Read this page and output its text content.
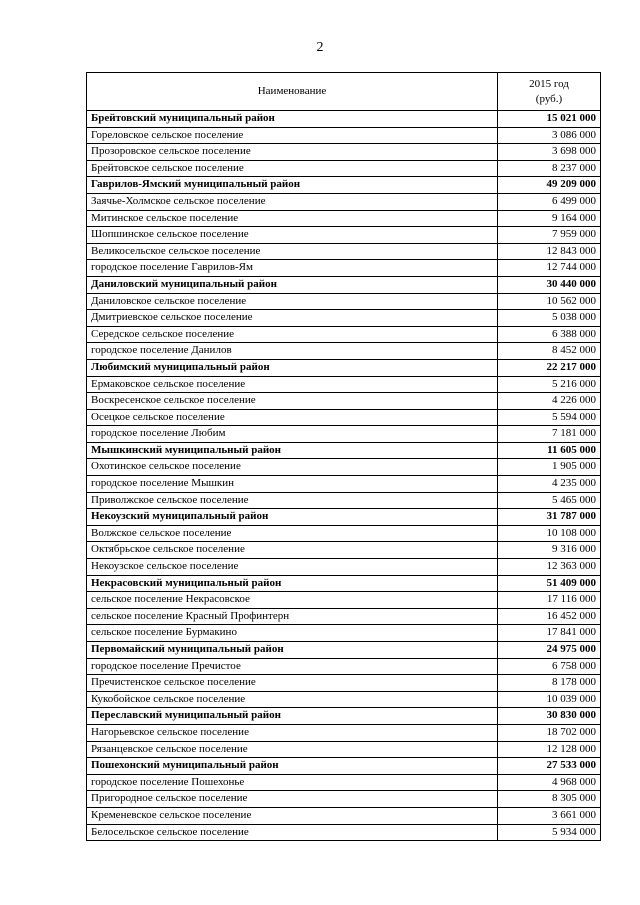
2
Наименование	2015 год
(руб.)
Брейтовский муниципальный район	15 021 000
Гореловское сельское поселение	3 086 000
Прозоровское сельское поселение	3 698 000
Брейтовское сельское поселение	8 237 000
Гаврилов-Ямский муниципальный район	49 209 000
Заячье-Холмское сельское поселение	6 499 000
Митинское сельское поселение	9 164 000
Шопшинское сельское поселение	7 959 000
Великосельское сельское поселение	12 843 000
городское поселение Гаврилов-Ям	12 744 000
Даниловский муниципальный район	30 440 000
Даниловское сельское поселение	10 562 000
Дмитриевское сельское поселение	5 038 000
Середское сельское поселение	6 388 000
городское поселение Данилов	8 452 000
Любимский муниципальный район	22 217 000
Ермаковское сельское поселение	5 216 000
Воскресенское сельское поселение	4 226 000
Осецкое сельское поселение	5 594 000
городское поселение Любим	7 181 000
Мышкинский муниципальный район	11 605 000
Охотинское сельское поселение	1 905 000
городское поселение Мышкин	4 235 000
Приволжское сельское поселение	5 465 000
Некоузский муниципальный район	31 787 000
Волжское сельское поселение	10 108 000
Октябрьское сельское поселение	9 316 000
Некоузское сельское поселение	12 363 000
Некрасовский муниципальный район	51 409 000
сельское поселение Некрасовское	17 116 000
сельское поселение Красный Профинтерн	16 452 000
сельское поселение Бурмакино	17 841 000
Первомайский муниципальный район	24 975 000
городское поселение Пречистое	6 758 000
Пречистенское сельское поселение	8 178 000
Кукобойское сельское поселение	10 039 000
Переславский муниципальный район	30 830 000
Нагорьевское сельское поселение	18 702 000
Рязанцевское сельское поселение	12 128 000
Пошехонский муниципальный район	27 533 000
городское поселение Пошехонье	4 968 000
Пригородное сельское поселение	8 305 000
Кременевское сельское поселение	3 661 000
Белосельское сельское поселение	5 934 000
